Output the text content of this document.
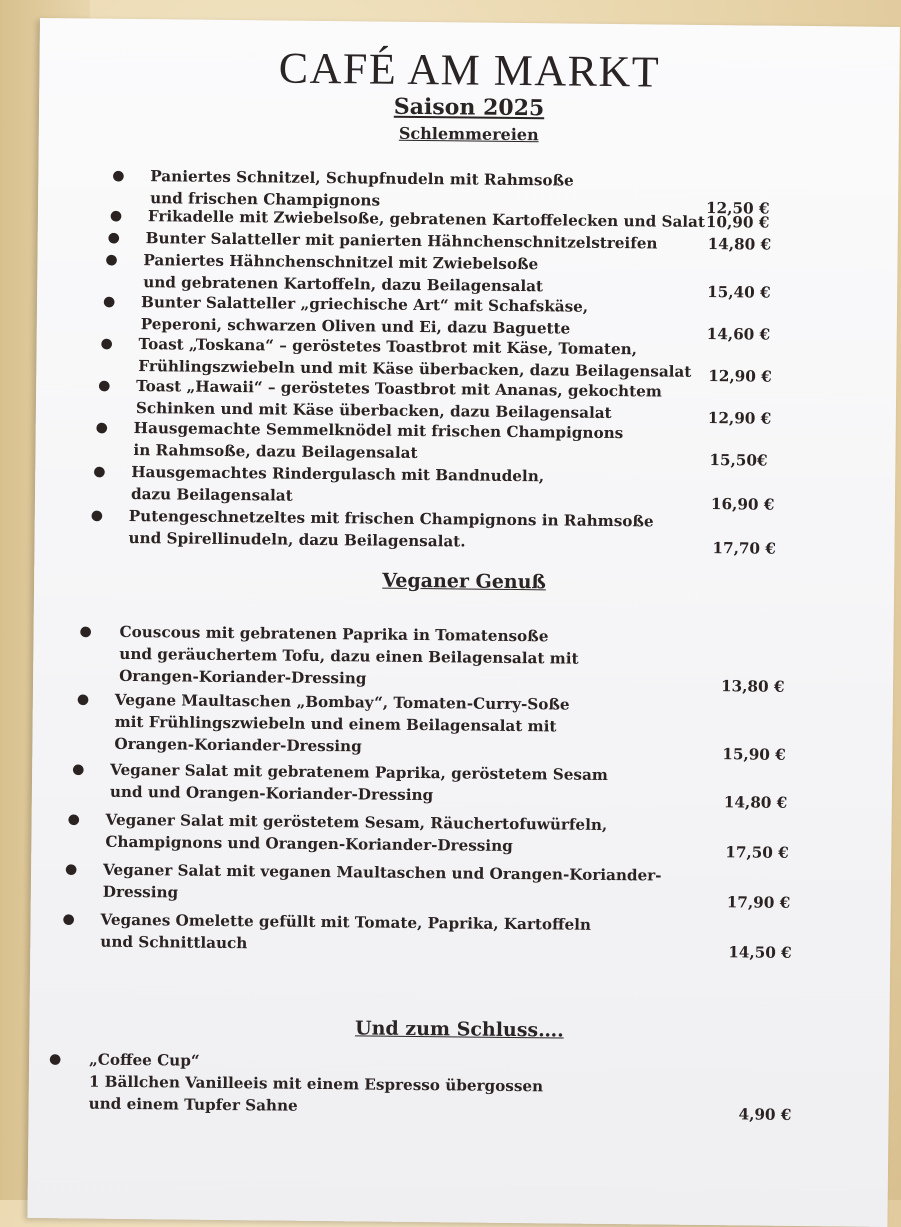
CAFÉ AM MARKT
Saison 2025
Schlemmereien
● Paniertes Schnitzel, Schupfnudeln mit Rahmsoße
und frischen Champignons	12,50 €
● Frikadelle mit Zwiebelsoße, gebratenen Kartoffelecken und Salat 10,90 €
● Bunter Salatteller mit panierten Hähnchenschnitzelstreifen	14,80 €
● Paniertes Hähnchenschnitzel mit Zwiebelsoße
und gebratenen Kartoffeln, dazu Beilagensalat	15,40 €
● Bunter Salatteller „griechische Art“ mit Schafskäse,
Peperoni, schwarzen Oliven und Ei, dazu Baguette	14,60 €
● Toast „Toskana“ – geröstetes Toastbrot mit Käse, Tomaten,
Frühlingszwiebeln und mit Käse überbacken, dazu Beilagensalat 12,90 €
● Toast „Hawaii“ – geröstetes Toastbrot mit Ananas, gekochtem
Schinken und mit Käse überbacken, dazu Beilagensalat	12,90 €
● Hausgemachte Semmelknödel mit frischen Champignons
in Rahmsoße, dazu Beilagensalat	15,50€
● Hausgemachtes Rindergulasch mit Bandnudeln,
dazu Beilagensalat	16,90 €
● Putengeschnetzeltes mit frischen Champignons in Rahmsoße
und Spirellinudeln, dazu Beilagensalat.	17,70 €
Veganer Genuß
● Couscous mit gebratenen Paprika in Tomatensoße
und geräuchertem Tofu, dazu einen Beilagensalat mit
Orangen-Koriander-Dressing	13,80 €
● Vegane Maultaschen „Bombay“, Tomaten-Curry-Soße
mit Frühlingszwiebeln und einem Beilagensalat mit
Orangen-Koriander-Dressing	15,90 €
● Veganer Salat mit gebratenem Paprika, geröstetem Sesam
und und Orangen-Koriander-Dressing	14,80 €
● Veganer Salat mit geröstetem Sesam, Räuchertofuwürfeln,
Champignons und Orangen-Koriander-Dressing	17,50 €
● Veganer Salat mit veganen Maultaschen und Orangen-Koriander-
Dressing
17,90 €
● Veganes Omelette gefüllt mit Tomate, Paprika, Kartoffeln
und Schnittlauch
14,50 €
Und zum Schluss….
● „Coffee Cup“
1 Bällchen Vanilleeis mit einem Espresso übergossen
und einem Tupfer Sahne	4,90 €
